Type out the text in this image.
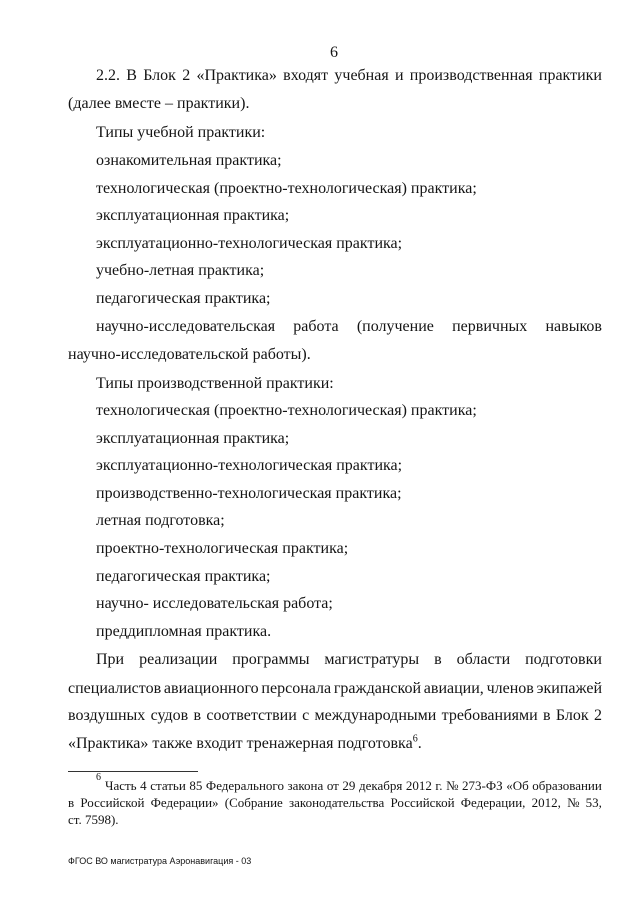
6
2.2. В Блок 2 «Практика» входят учебная и производственная практики
(далее вместе – практики).
Типы учебной практики:
ознакомительная практика;
технологическая (проектно-технологическая) практика;
эксплуатационная практика;
эксплуатационно-технологическая практика;
учебно-летная практика;
педагогическая практика;
научно-исследовательская работа (получение первичных навыков
научно-исследовательской работы).
Типы производственной практики:
технологическая (проектно-технологическая) практика;
эксплуатационная практика;
эксплуатационно-технологическая практика;
производственно-технологическая практика;
летная подготовка;
проектно-технологическая практика;
педагогическая практика;
научно- исследовательская работа;
преддипломная практика.
При реализации программы магистратуры в области подготовки
специалистов авиационного персонала гражданской авиации, членов экипажей
воздушных судов в соответствии с международными требованиями в Блок 2
«Практика» также входит тренажерная подготовка$^6$.
6
Часть 4 статьи 85 Федерального закона от 29 декабря 2012 г. № 273-ФЗ «Об образовании
в Российской Федерации» (Собрание законодательства Российской Федерации, 2012, № 53,
ст. 7598).
ФГОС ВО магистратура Аэронавигация - 03
